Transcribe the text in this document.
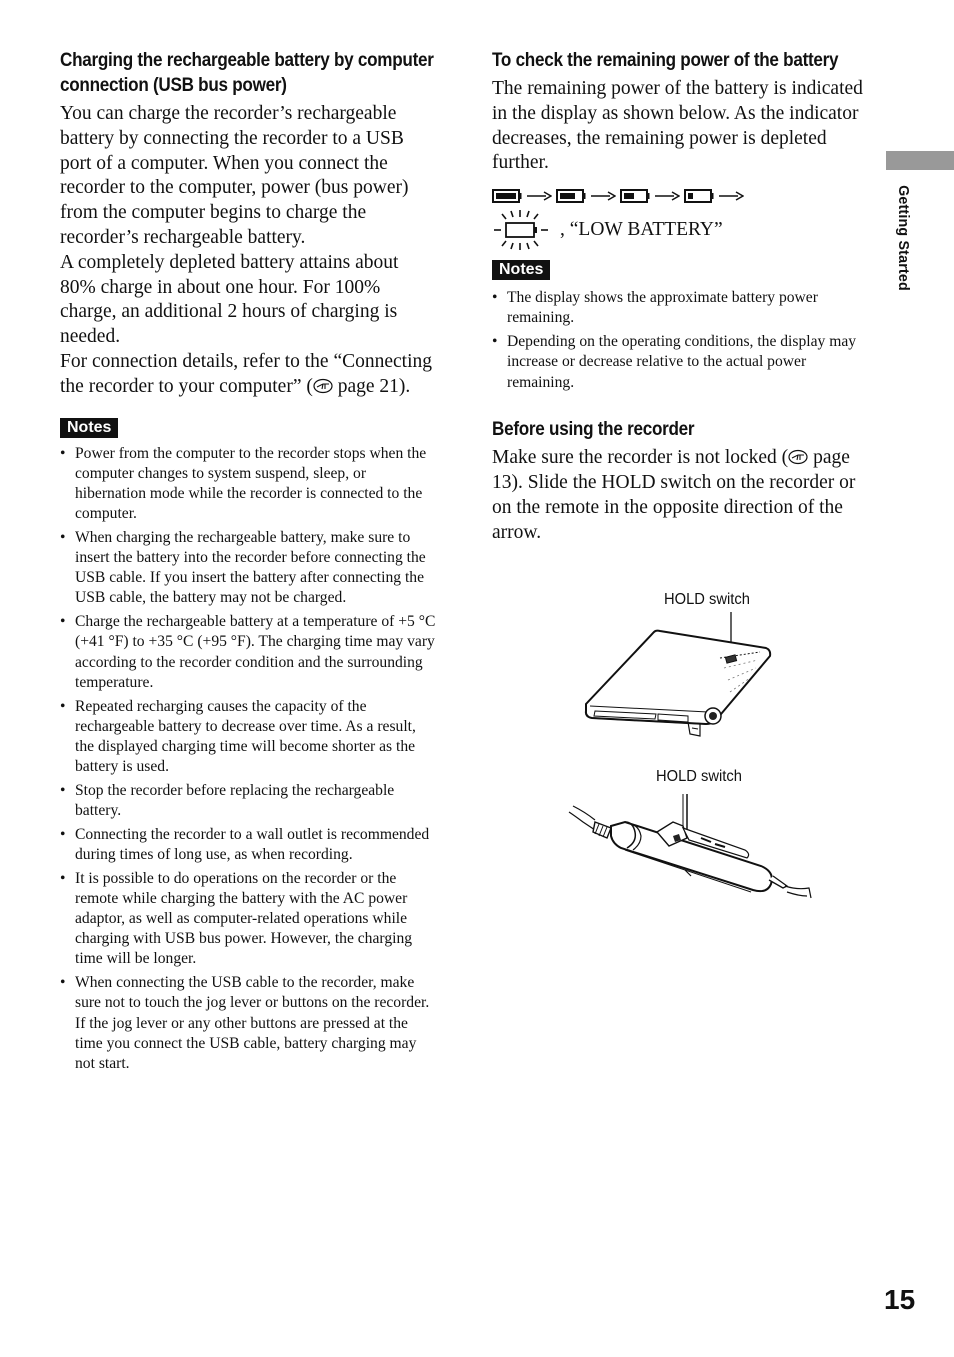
Charging the rechargeable battery by computer connection (USB bus power)

You can charge the recorder’s rechargeable battery by connecting the recorder to a USB port of a computer. When you connect the recorder to the computer, power (bus power) from the computer begins to charge the recorder’s rechargeable battery.

A completely depleted battery attains about 80% charge in about one hour. For 100% charge, an additional 2 hours of charging is needed.

For connection details, refer to the “Connecting the recorder to your computer” ( page 21).

Notes
• Power from the computer to the recorder stops when the computer changes to system suspend, sleep, or hibernation mode while the recorder is connected to the computer.
• When charging the rechargeable battery, make sure to insert the battery into the recorder before connecting the USB cable. If you insert the battery after connecting the USB cable, the battery may not be charged.
• Charge the rechargeable battery at a temperature of +5 °C (+41 °F) to +35 °C (+95 °F). The charging time may vary according to the recorder condition and the surrounding temperature.
• Repeated recharging causes the capacity of the rechargeable battery to decrease over time. As a result, the displayed charging time will become shorter as the battery is used.
• Stop the recorder before replacing the rechargeable battery.
• Connecting the recorder to a wall outlet is recommended during times of long use, as when recording.
• It is possible to do operations on the recorder or the remote while charging the battery with the AC power adaptor, as well as computer-related operations while charging with USB bus power. However, the charging time will be longer.
• When connecting the USB cable to the recorder, make sure not to touch the jog lever or buttons on the recorder. If the jog lever or any other buttons are pressed at the time you connect the USB cable, battery charging may not start.
To check the remaining power of the battery

The remaining power of the battery is indicated in the display as shown below. As the indicator decreases, the remaining power is depleted further.

, “LOW BATTERY”
Notes
• The display shows the approximate battery power remaining.
• Depending on the operating conditions, the display may increase or decrease relative to the actual power remaining.
Before using the recorder

Make sure the recorder is not locked ( page 13). Slide the HOLD switch on the recorder or on the remote in the opposite direction of the arrow.

HOLD switch
HOLD switch
Getting Started
15
